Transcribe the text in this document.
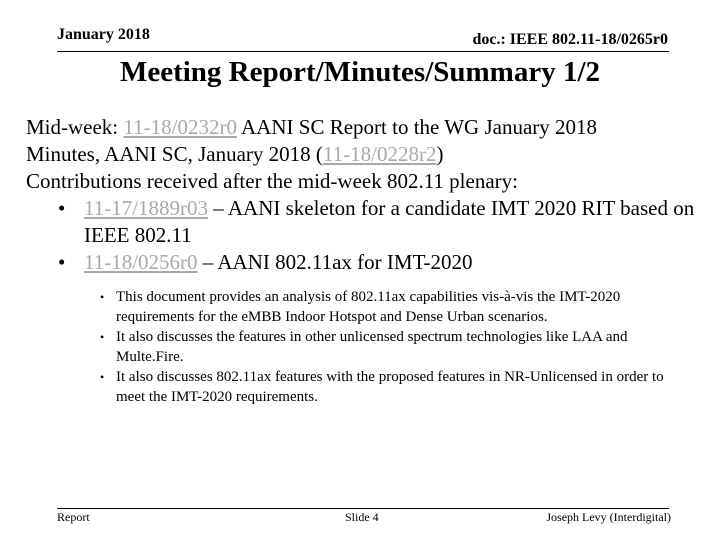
January 2018	doc.: IEEE 802.11-18/0265r0
Meeting Report/Minutes/Summary 1/2
Mid-week: 11-18/0232r0 AANI SC Report to the WG January 2018
Minutes, AANI SC, January 2018 (11-18/0228r2)
Contributions received after the mid-week 802.11 plenary:
• 11-17/1889r03 – AANI skeleton for a candidate IMT 2020 RIT based on IEEE 802.11
• 11-18/0256r0 – AANI 802.11ax for IMT-2020
• This document provides an analysis of 802.11ax capabilities vis-à-vis the IMT-2020 requirements for the eMBB Indoor Hotspot and Dense Urban scenarios.
• It also discusses the features in other unlicensed spectrum technologies like LAA and Multe.Fire.
• It also discusses 802.11ax features with the proposed features in NR-Unlicensed in order to meet the IMT-2020 requirements.
Report	Slide 4	Joseph Levy (Interdigital)
